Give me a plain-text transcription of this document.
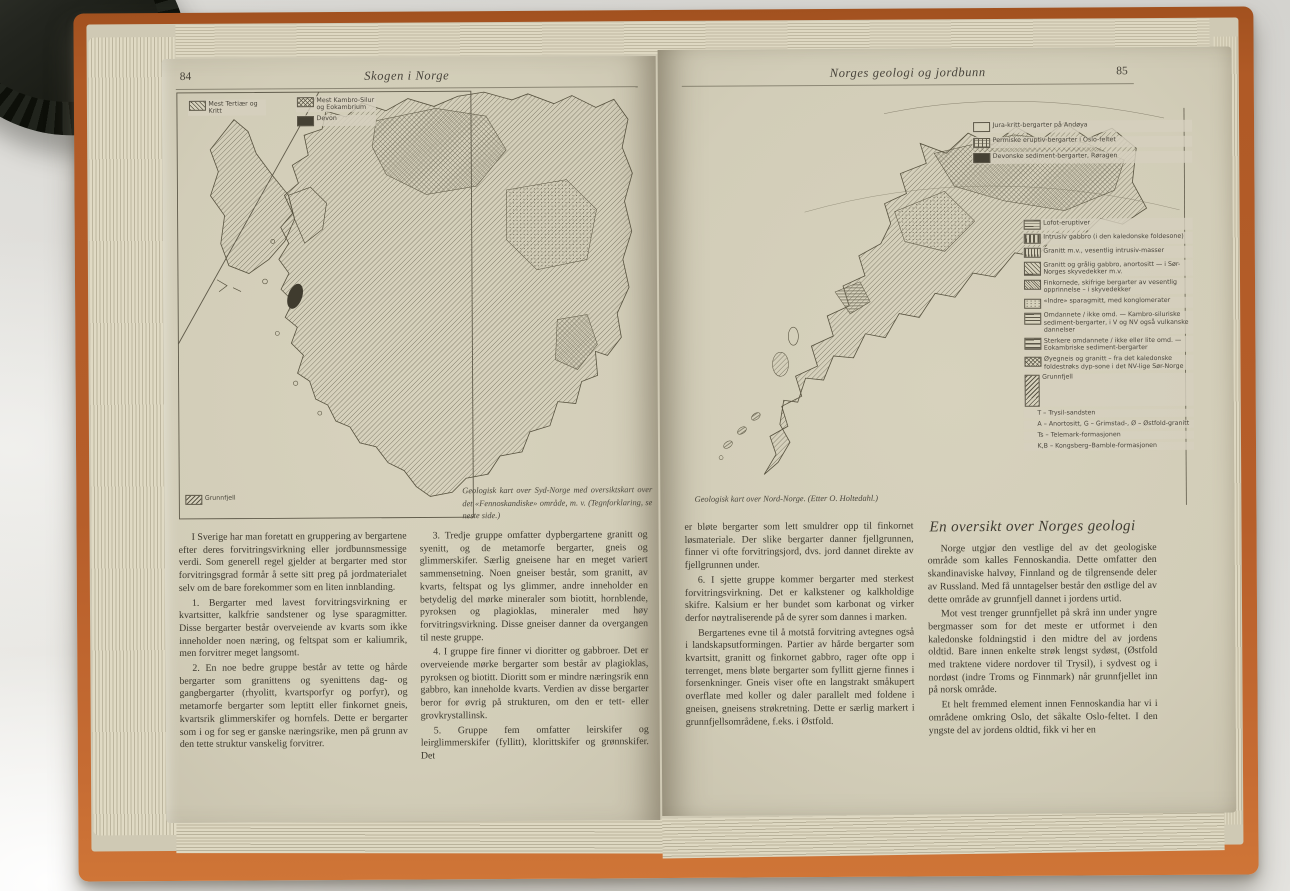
84	Skogen i Norge
Mest Tertiær og Kritt
Mest Kambro-Silur og Eokambrium
Devon
Grunnfjell
Geologisk kart over Syd-Norge med oversiktskart over det «Fennoskandiske» område, m. v. (Tegnforklaring, se neste side.)

I Sverige har man foretatt en gruppering av bergartene efter deres forvitringsvirkning eller jordbunnsmessige verdi. Som generell regel gjelder at bergarter med stor forvitringsgrad formår å sette sitt preg på jordmaterialet selv om de bare forekommer som en liten innblanding.

1. Bergarter med lavest forvitringsvirkning er kvartsitter, kalkfrie sandstener og lyse sparagmitter. Disse bergarter består overveiende av kvarts som ikke inneholder noen næring, og feltspat som er kaliumrik, men forvitrer meget langsomt.

2. En noe bedre gruppe består av tette og hårde bergarter som granittens og syenittens dag- og gangbergarter (rhyolitt, kvartsporfyr og porfyr), og metamorfe bergarter som leptitt eller finkornet gneis, kvartsrik glimmerskifer og hornfels. Dette er bergarter som i og for seg er ganske næringsrike, men på grunn av den tette struktur vanskelig forvitrer.

3. Tredje gruppe omfatter dypbergartene granitt og syenitt, og de metamorfe bergarter, gneis og glimmerskifer. Særlig gneisene har en meget variert sammensetning. Noen gneiser består, som granitt, av kvarts, feltspat og lys glimmer, andre inneholder en betydelig del mørke mineraler som biotitt, hornblende, pyroksen og plagioklas, mineraler med høy forvitringsvirkning. Disse gneiser danner da overgangen til neste gruppe.

4. I gruppe fire finner vi dioritter og gabbroer. Det er overveiende mørke bergarter som består av plagioklas, pyroksen og biotitt. Dioritt som er mindre næringsrik enn gabbro, kan inneholde kvarts. Verdien av disse bergarter beror for øvrig på strukturen, om den er tett- eller grovkrystallinsk.

5. Gruppe fem omfatter leirskifer og leirglimmerskifer (fyllitt), klorittskifer og grønnskifer. Det

Norges geologi og jordbunn	85
Jura-kritt-bergarter på Andøya
Permiske eruptiv-bergarter i Oslo-feltet
Devonske sediment-bergarter, Røragen
Lofot-eruptiver
Intrusiv gabbro (i den kaledonske foldesone)
Granitt m.v., vesentlig intrusiv-masser
Granitt og grålig gabbro, anortositt — i Sør-Norges skyvedekker m.v.
Finkornede, skifrige bergarter av vesentlig opprinnelse – i skyvedekker
«Indre» sparagmitt, med konglomerater
Omdannete / ikke omd. — Kambro-siluriske sediment-bergarter, i V og NV også vulkanske dannelser
Sterkere omdannete / ikke eller lite omd. — Eokambriske sediment-bergarter
Øyegneis og granitt – fra det kaledonske foldestrøks dyp-sone i det NV-lige Sør-Norge
Grunnfjell
T – Trysil-sandsten
A – Anortositt, G – Grimstad-, Ø – Østfold-granitt
Ts – Telemark-formasjonen
K,B – Kongsberg–Bamble-formasjonen
Geologisk kart over Nord-Norge. (Etter O. Holtedahl.)

er bløte bergarter som lett smuldrer opp til finkornet løsmateriale. Der slike bergarter danner fjellgrunnen, finner vi ofte forvitringsjord, dvs. jord dannet direkte av fjellgrunnen under.

6. I sjette gruppe kommer bergarter med sterkest forvitringsvirkning. Det er kalkstener og kalkholdige skifre. Kalsium er her bundet som karbonat og virker derfor nøytraliserende på de syrer som dannes i marken.

Bergartenes evne til å motstå forvitring avtegnes også i landskapsutformingen. Partier av hårde bergarter som kvartsitt, granitt og finkornet gabbro, rager ofte opp i terrenget, mens bløte bergarter som fyllitt gjerne finnes i forsenkninger. Gneis viser ofte en langstrakt småkupert overflate med koller og daler parallelt med foldene i gneisen, gneisens strøkretning. Dette er særlig markert i grunnfjellsområdene, f.eks. i Østfold.

En oversikt over Norges geologi

Norge utgjør den vestlige del av det geologiske område som kalles Fennoskandia. Dette omfatter den skandinaviske halvøy, Finnland og de tilgrensende deler av Russland. Med få unntagelser består den østlige del av dette område av grunnfjell dannet i jordens urtid.

Mot vest trenger grunnfjellet på skrå inn under yngre bergmasser som for det meste er utformet i den kaledonske foldningstid i den midtre del av jordens oldtid. Bare innen enkelte strøk lengst sydøst, (Østfold med traktene videre nordover til Trysil), i sydvest og i nordøst (indre Troms og Finnmark) når grunnfjellet inn på norsk område.

Et helt fremmed element innen Fennoskandia har vi i områdene omkring Oslo, det såkalte Oslo-feltet. I den yngste del av jordens oldtid, fikk vi her en
